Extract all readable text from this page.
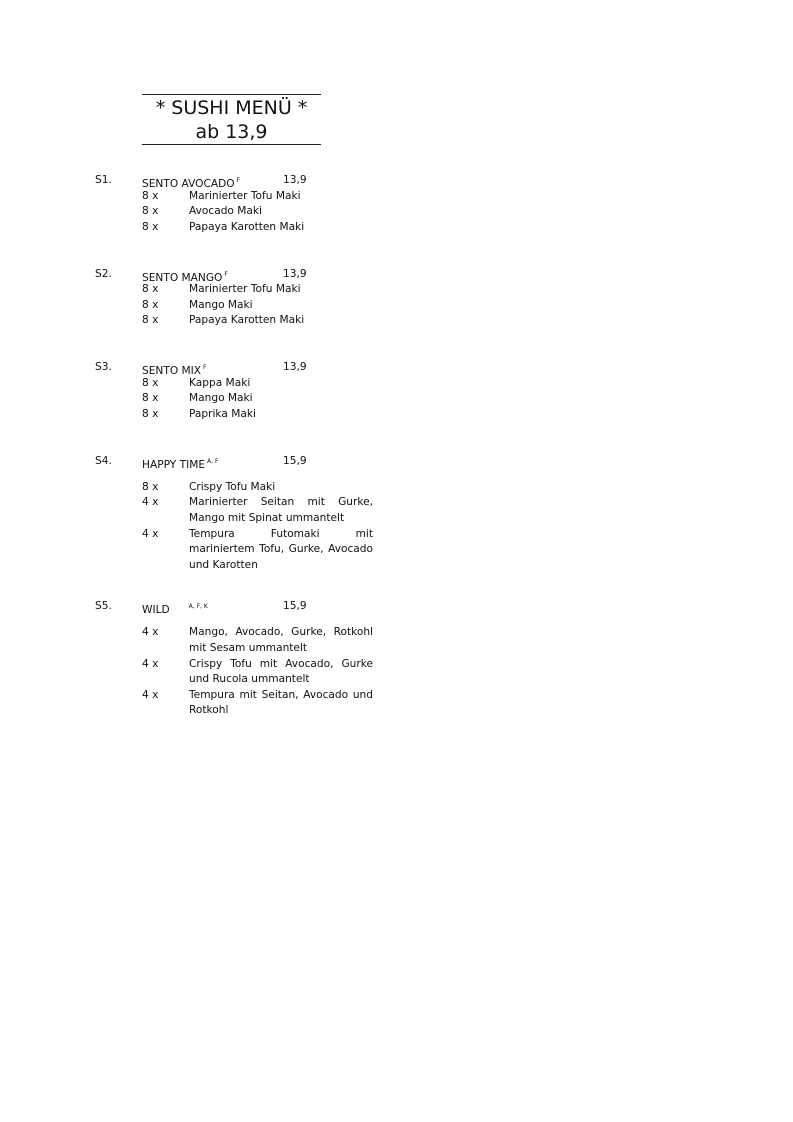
* SUSHI MENÜ *
ab 13,9
S1.	SENTO AVOCADO $^F$	13,9
8 x	Marinierter Tofu Maki
8 x	Avocado Maki
8 x	Papaya Karotten Maki
S2.	SENTO MANGO $^F$	13,9
8 x	Marinierter Tofu Maki
8 x	Mango Maki
8 x	Papaya Karotten Maki
S3.	SENTO MIX $^F$	13,9
8 x	Kappa Maki
8 x	Mango Maki
8 x	Paprika Maki
S4.	HAPPY TIME $^{A, F}$	15,9
8 x	Crispy Tofu Maki
4 x	Marinierter Seitan mit Gurke, Mango mit Spinat ummantelt
4 x	Tempura Futomaki mit mariniertem Tofu, Gurke, Avocado und Karotten
S5.	WILD	$^{A, F, K}$	15,9
4 x	Mango, Avocado, Gurke, Rotkohl mit Sesam ummantelt
4 x	Crispy Tofu mit Avocado, Gurke und Rucola ummantelt
4 x	Tempura mit Seitan, Avocado und Rotkohl
